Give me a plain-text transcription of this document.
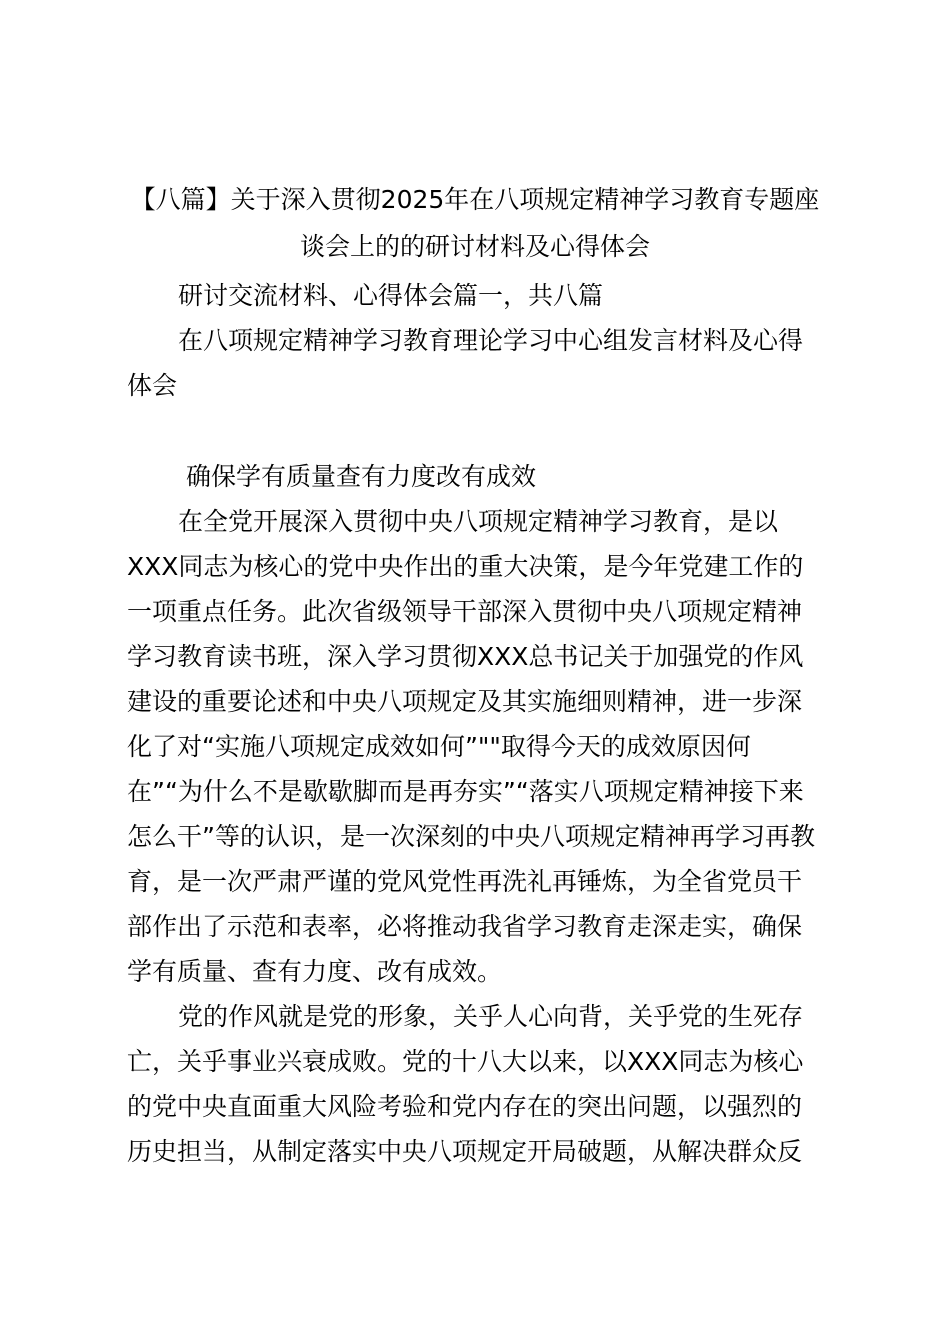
【八篇】关于深入贯彻2025年在八项规定精神学习教育专题座
谈会上的的研讨材料及心得体会
研讨交流材料、心得体会篇一，共八篇
在八项规定精神学习教育理论学习中心组发言材料及心得
体会
确保学有质量查有力度改有成效
在全党开展深入贯彻中央八项规定精神学习教育，是以
XXX同志为核心的党中央作出的重大决策，是今年党建工作的
一项重点任务。此次省级领导干部深入贯彻中央八项规定精神
学习教育读书班，深入学习贯彻XXX总书记关于加强党的作风
建设的重要论述和中央八项规定及其实施细则精神，进一步深
化了对“实施八项规定成效如何”""取得今天的成效原因何
在”“为什么不是歇歇脚而是再夯实”“落实八项规定精神接下来
怎么干”等的认识，是一次深刻的中央八项规定精神再学习再教
育，是一次严肃严谨的党风党性再洗礼再锤炼，为全省党员干
部作出了示范和表率，必将推动我省学习教育走深走实，确保
学有质量、查有力度、改有成效。
党的作风就是党的形象，关乎人心向背，关乎党的生死存
亡，关乎事业兴衰成败。党的十八大以来，以XXX同志为核心
的党中央直面重大风险考验和党内存在的突出问题，以强烈的
历史担当，从制定落实中央八项规定开局破题，从解决群众反
